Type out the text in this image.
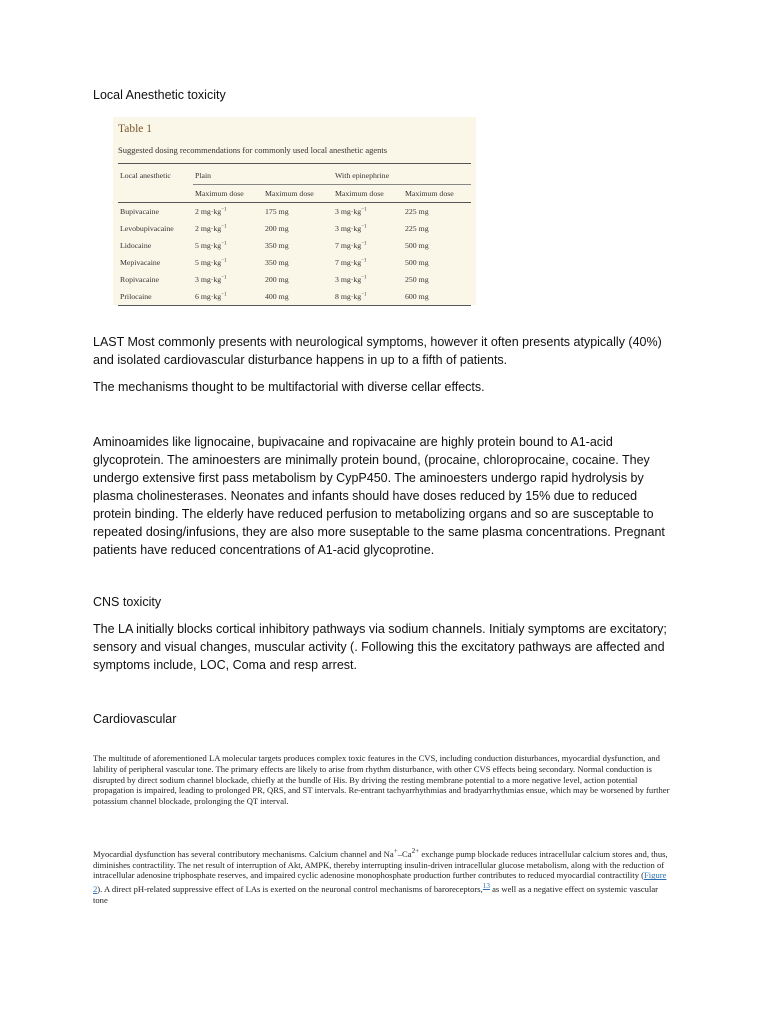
Local Anesthetic toxicity

Table 1

Suggested dosing recommendations for commonly used local anesthetic agents

Local anesthetic	Plain		With epinephrine	
	Maximum dose	Maximum dose	Maximum dose	Maximum dose
Bupivacaine	2 $mg\cdot kg^{-1}$	175 mg	3 $mg\cdot kg^{-1}$	225 mg
Levobupivacaine	2 $mg\cdot kg^{-1}$	200 mg	3 $mg\cdot kg^{-1}$	225 mg
Lidocaine	5 $mg\cdot kg^{-1}$	350 mg	7 $mg\cdot kg^{-1}$	500 mg
Mepivacaine	5 $mg\cdot kg^{-1}$	350 mg	7 $mg\cdot kg^{-1}$	500 mg
Ropivacaine	3 $mg\cdot kg^{-1}$	200 mg	3 $mg\cdot kg^{-1}$	250 mg
Prilocaine	6 $mg\cdot kg^{-1}$	400 mg	8 $mg\cdot kg^{-1}$	600 mg

LAST Most commonly presents with neurological symptoms, however it often presents atypically (40%) and isolated cardiovascular disturbance happens in up to a fifth of patients.

The mechanisms thought to be multifactorial with diverse cellar effects.

Aminoamides like lignocaine, bupivacaine and ropivacaine are highly protein bound to A1-acid glycoprotein. The aminoesters are minimally protein bound, (procaine, chloroprocaine, cocaine. They undergo extensive first pass metabolism by CypP450. The aminoesters undergo rapid hydrolysis by plasma cholinesterases. Neonates and infants should have doses reduced by 15% due to reduced protein binding. The elderly have reduced perfusion to metabolizing organs and so are susceptable to repeated dosing/infusions, they are also more suseptable to the same plasma concentrations. Pregnant patients have reduced concentrations of A1-acid glycoprotine.

CNS toxicity

The LA initially blocks cortical inhibitory pathways via sodium channels. Initialy symptoms are excitatory; sensory and visual changes, muscular activity (. Following this the excitatory pathways are affected and symptoms include, LOC, Coma and resp arrest.

Cardiovascular

The multitude of aforementioned LA molecular targets produces complex toxic features in the CVS, including conduction disturbances, myocardial dysfunction, and lability of peripheral vascular tone. The primary effects are likely to arise from rhythm disturbance, with other CVS effects being secondary. Normal conduction is disrupted by direct sodium channel blockade, chiefly at the bundle of His. By driving the resting membrane potential to a more negative level, action potential propagation is impaired, leading to prolonged PR, QRS, and ST intervals. Re-entrant tachyarrhythmias and bradyarrhythmias ensue, which may be worsened by further potassium channel blockade, prolonging the QT interval.

Myocardial dysfunction has several contributory mechanisms. Calcium channel and $Na^+-Ca^{2+}$ exchange pump blockade reduces intracellular calcium stores and, thus, diminishes contractility. The net result of interruption of Akt, AMPK, thereby interrupting insulin-driven intracellular glucose metabolism, along with the reduction of intracellular adenosine triphosphate reserves, and impaired cyclic adenosine monophosphate production further contributes to reduced myocardial contractility (Figure 2). A direct pH-related suppressive effect of LAs is exerted on the neuronal control mechanisms of baroreceptors,$^{13}$ as well as a negative effect on systemic vascular tone
